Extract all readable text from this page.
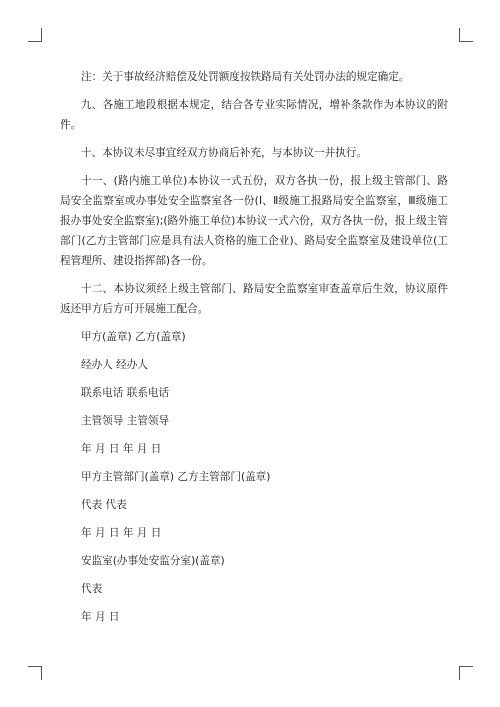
注：关于事故经济赔偿及处罚额度按铁路局有关处罚办法的规定确定。

九、各施工地段根据本规定，结合各专业实际情况，增补条款作为本协议的附件。

十、本协议未尽事宜经双方协商后补充，与本协议一并执行。

十一、(路内施工单位)本协议一式五份，双方各执一份，报上级主管部门、路局安全监察室或办事处安全监察室各一份(Ⅰ、Ⅱ级施工报路局安全监察室，Ⅲ级施工报办事处安全监察室);(路外施工单位)本协议一式六份，双方各执一份，报上级主管部门(乙方主管部门应是具有法人资格的施工企业)、路局安全监察室及建设单位(工程管理所、建设指挥部)各一份。

十二、本协议须经上级主管部门、路局安全监察室审查盖章后生效，协议原件返还甲方后方可开展施工配合。

甲方(盖章) 乙方(盖章)
经办人 经办人
联系电话 联系电话
主管领导 主管领导
年 月 日 年 月 日
甲方主管部门(盖章) 乙方主管部门(盖章)
代表 代表
年 月 日 年 月 日
安监室(办事处安监分室)(盖章)
代表
年 月 日
